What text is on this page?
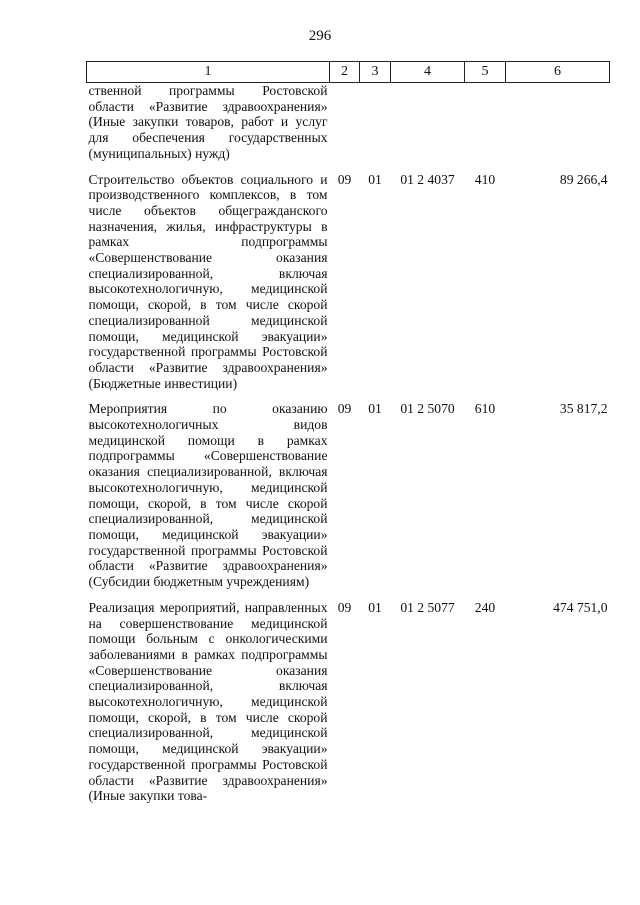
296
1	2	3	4	5	6
ственной программы Ростовской области «Развитие здравоохранения» (Иные закупки товаров, работ и услуг для обеспечения государственных (муниципальных) нужд)					
Строительство объектов социального и производственного комплексов, в том числе объектов общегражданского назначения, жилья, инфраструктуры в рамках подпрограммы «Совершенствование оказания специализированной, включая высокотехнологичную, медицинской помощи, скорой, в том числе скорой специализированной медицинской помощи, медицинской эвакуации» государственной программы Ростовской области «Развитие здравоохранения» (Бюджетные инвестиции)	09	01	01 2 4037	410	89 266,4
Мероприятия по оказанию высокотехнологичных видов медицинской помощи в рамках подпрограммы «Совершенствование оказания специализированной, включая высокотехнологичную, медицинской помощи, скорой, в том числе скорой специализированной, медицинской помощи, медицинской эвакуации» государственной программы Ростовской области «Развитие здравоохранения» (Субсидии бюджетным учреждениям)	09	01	01 2 5070	610	35 817,2
Реализация мероприятий, направленных на совершенствование медицинской помощи больным с онкологическими заболеваниями в рамках подпрограммы «Совершенствование оказания специализированной, включая высокотехнологичную, медицинской помощи, скорой, в том числе скорой специализированной, медицинской помощи, медицинской эвакуации» государственной программы Ростовской области «Развитие здравоохранения» (Иные закупки това-	09	01	01 2 5077	240	474 751,0
